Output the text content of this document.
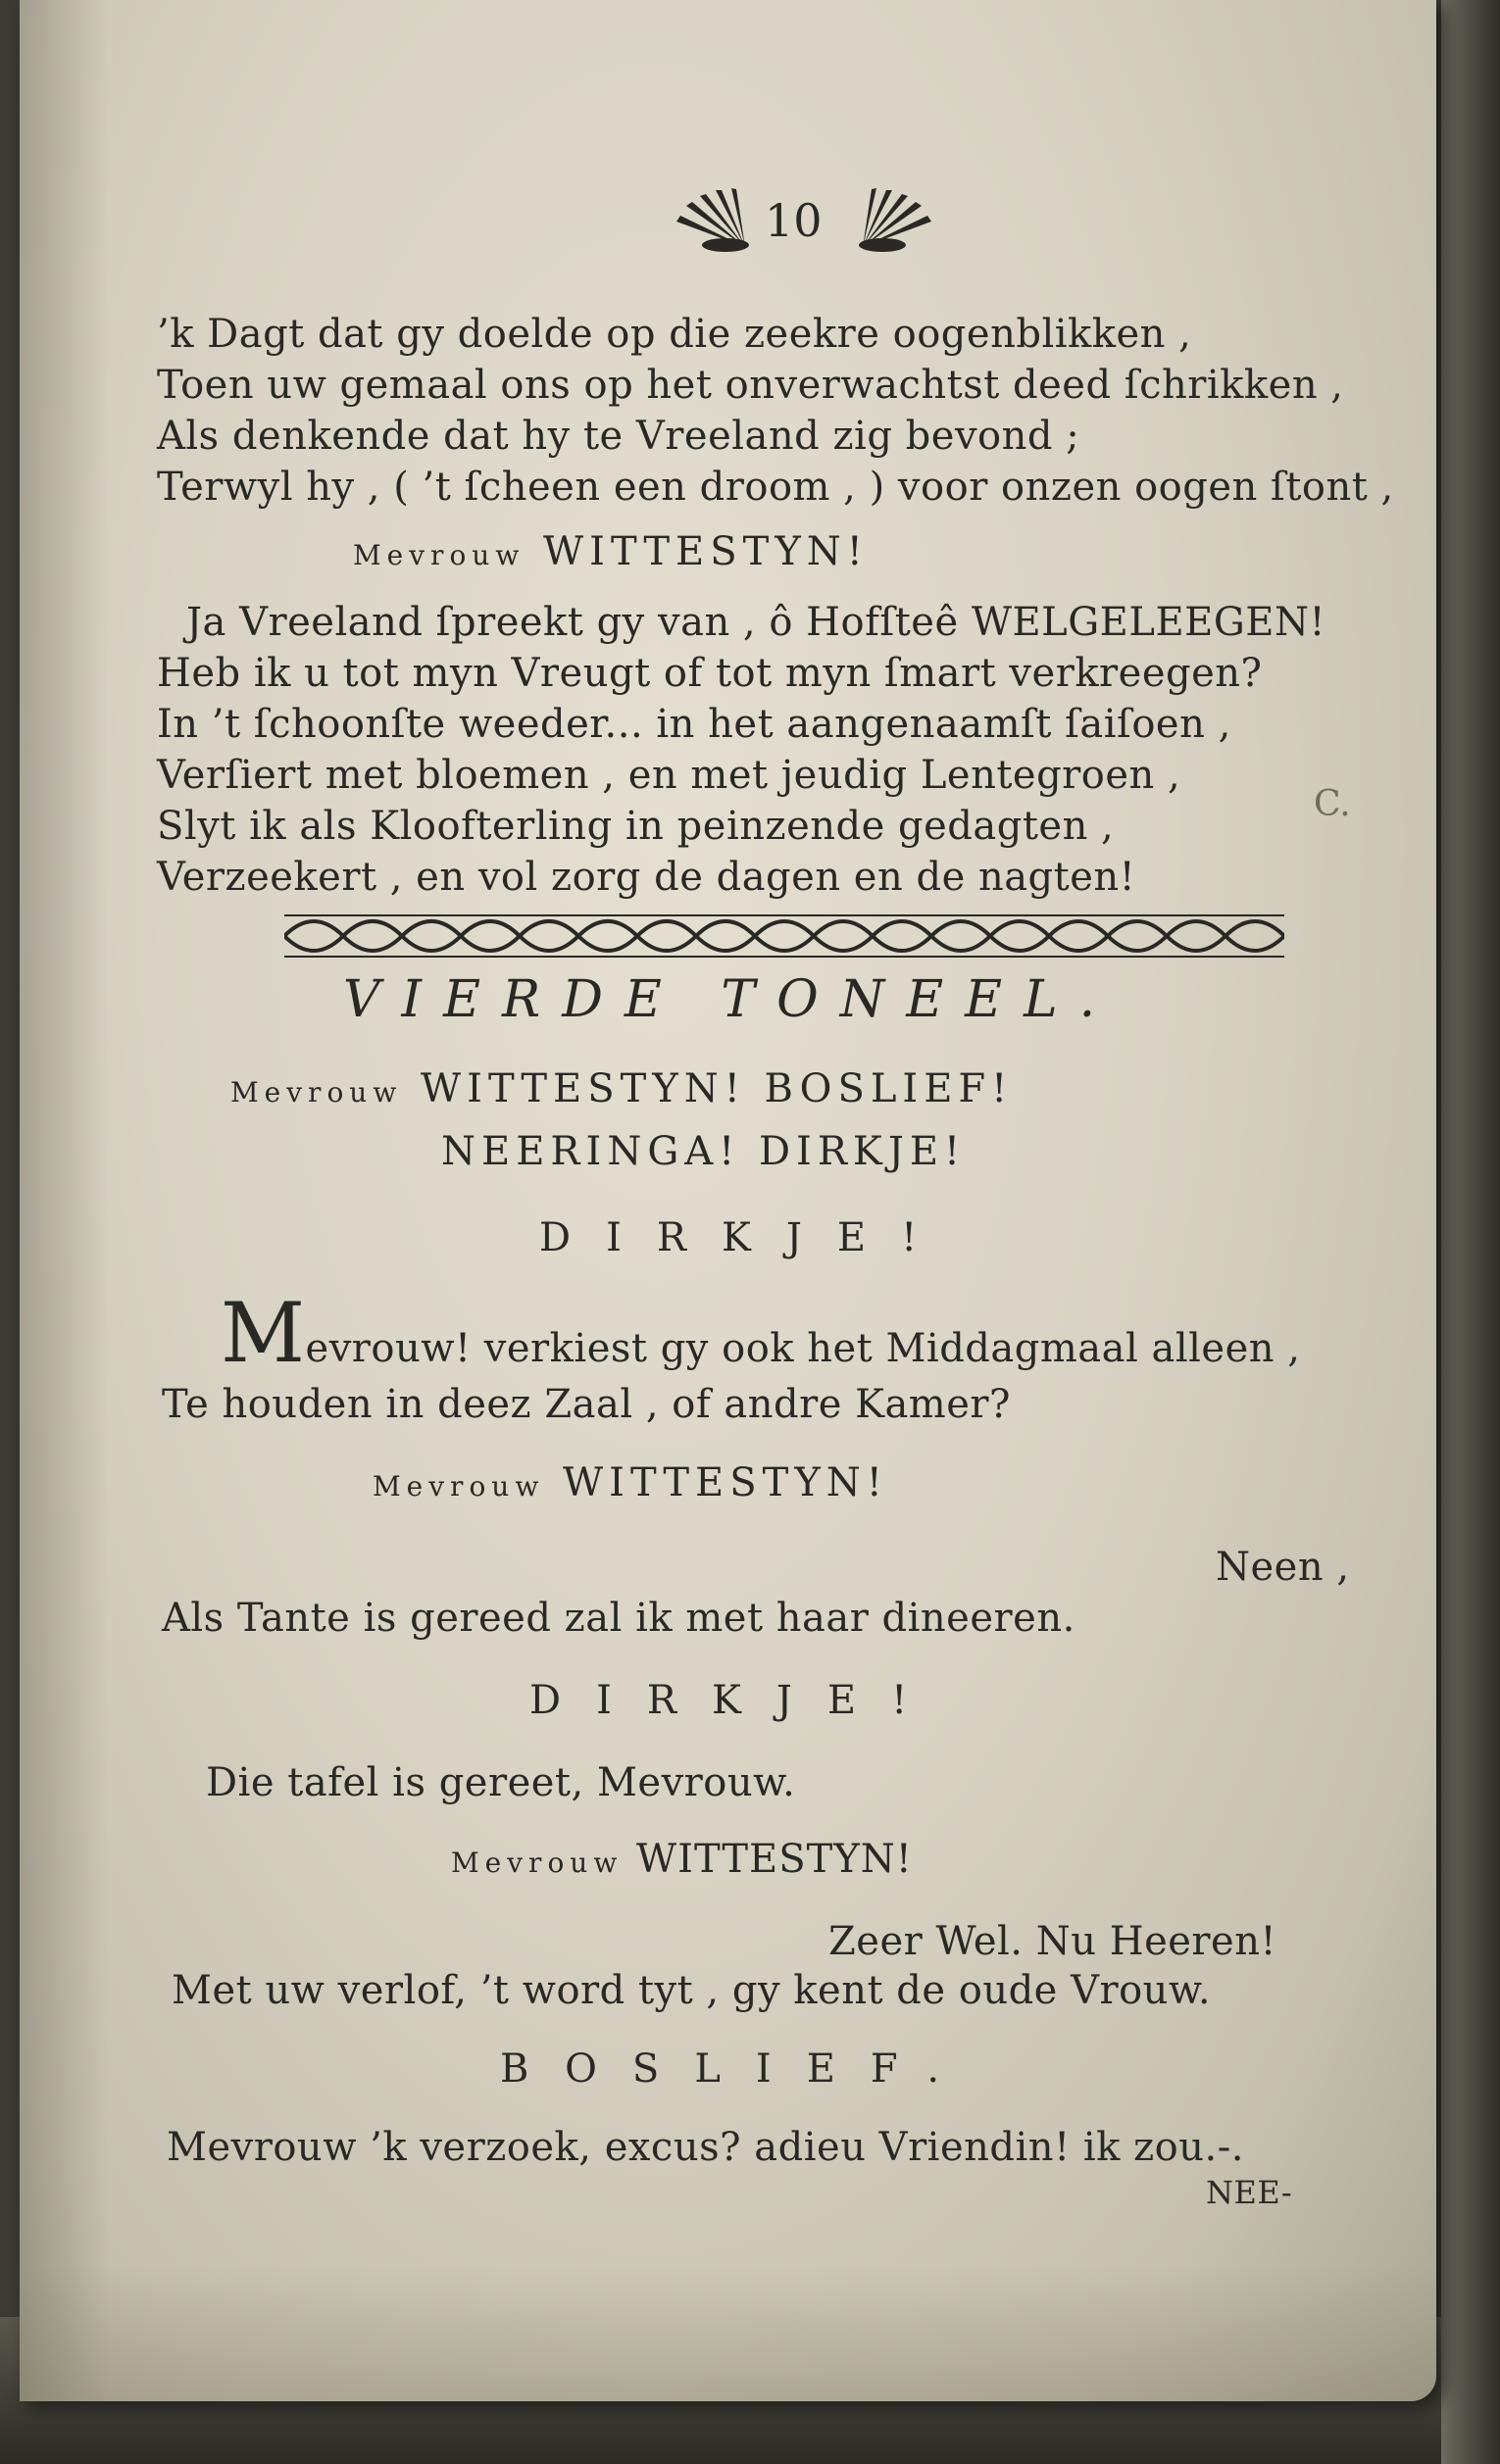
10
’k Dagt dat gy doelde op die zeekre oogenblikken ,
Toen uw gemaal ons op het onverwachtst deed ſchrikken ,
Als denkende dat hy te Vreeland zig bevond ;
Terwyl hy , ( ’t ſcheen een droom , ) voor onzen oogen ſtont ,
Mevrouw WITTESTYN!
Ja Vreeland ſpreekt gy van , ô Hofſteê WELGELEEGEN!
Heb ik u tot myn Vreugt of tot myn ſmart verkreegen?
In ’t ſchoonſte weeder... in het aangenaamſt ſaiſoen ,
Verſiert met bloemen , en met jeudig Lentegroen ,
Slyt ik als Kloofterling in peinzende gedagten ,
Verzeekert , en vol zorg de dagen en de nagten!
C.
VIERDE TONEEL.
Mevrouw WITTESTYN! BOSLIEF!
NEERINGA! DIRKJE!
DIRKJE!
Mevrouw! verkiest gy ook het Middagmaal alleen ,
Te houden in deez Zaal , of andre Kamer?
Mevrouw WITTESTYN!
Neen ,
Als Tante is gereed zal ik met haar dineeren.
DIRKJE!
Die tafel is gereet, Mevrouw.
Mevrouw WITTESTYN!
Zeer Wel. Nu Heeren!
Met uw verlof, ’t word tyt , gy kent de oude Vrouw.
BOSLIEF.
Mevrouw ’k verzoek, excus? adieu Vriendin! ik zou.-.
NEE-
